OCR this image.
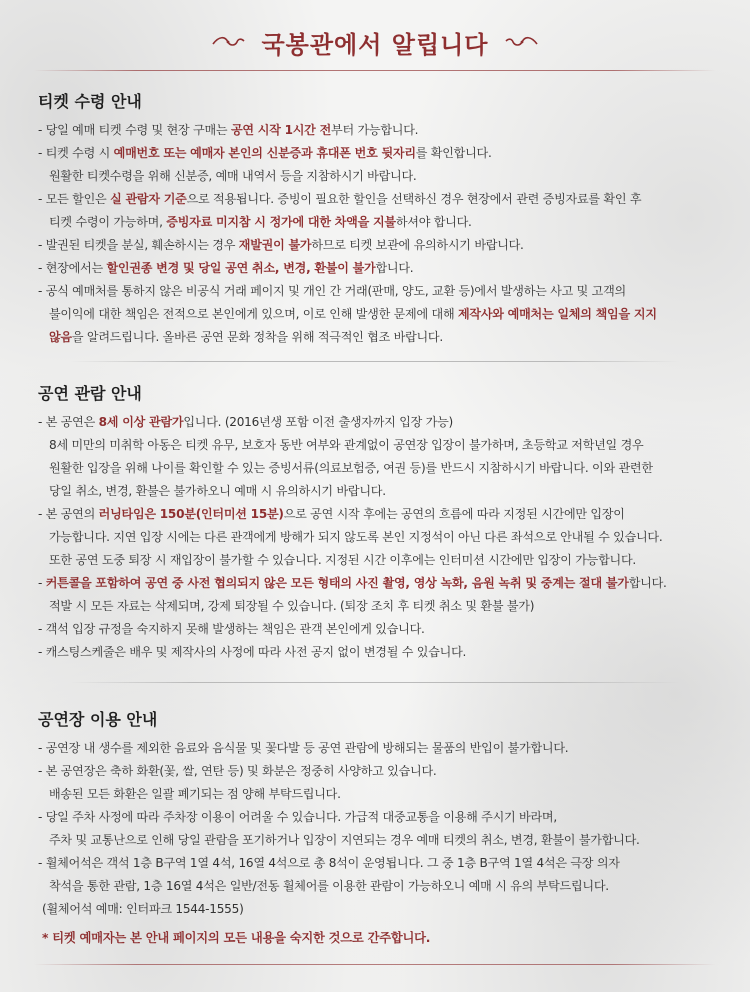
국봉관에서 알립니다
티켓 수령 안내
- 당일 예매 티켓 수령 및 현장 구매는 공연 시작 1시간 전부터 가능합니다.
- 티켓 수령 시 예매번호 또는 예매자 본인의 신분증과 휴대폰 번호 뒷자리를 확인합니다.
원활한 티켓수령을 위해 신분증, 예매 내역서 등을 지참하시기 바랍니다.
- 모든 할인은 실 관람자 기준으로 적용됩니다. 증빙이 필요한 할인을 선택하신 경우 현장에서 관련 증빙자료를 확인 후
티켓 수령이 가능하며, 증빙자료 미지참 시 정가에 대한 차액을 지불하셔야 합니다.
- 발권된 티켓을 분실, 훼손하시는 경우 재발권이 불가하므로 티켓 보관에 유의하시기 바랍니다.
- 현장에서는 할인권종 변경 및 당일 공연 취소, 변경, 환불이 불가합니다.
- 공식 예매처를 통하지 않은 비공식 거래 페이지 및 개인 간 거래(판매, 양도, 교환 등)에서 발생하는 사고 및 고객의
불이익에 대한 책임은 전적으로 본인에게 있으며, 이로 인해 발생한 문제에 대해 제작사와 예매처는 일체의 책임을 지지
않음을 알려드립니다. 올바른 공연 문화 정착을 위해 적극적인 협조 바랍니다.
공연 관람 안내
- 본 공연은 8세 이상 관람가입니다. (2016년생 포함 이전 출생자까지 입장 가능)
8세 미만의 미취학 아동은 티켓 유무, 보호자 동반 여부와 관계없이 공연장 입장이 불가하며, 초등학교 저학년일 경우
원활한 입장을 위해 나이를 확인할 수 있는 증빙서류(의료보험증, 여권 등)를 반드시 지참하시기 바랍니다. 이와 관련한
당일 취소, 변경, 환불은 불가하오니 예매 시 유의하시기 바랍니다.
- 본 공연의 러닝타임은 150분(인터미션 15분)으로 공연 시작 후에는 공연의 흐름에 따라 지정된 시간에만 입장이
가능합니다. 지연 입장 시에는 다른 관객에게 방해가 되지 않도록 본인 지정석이 아닌 다른 좌석으로 안내될 수 있습니다.
또한 공연 도중 퇴장 시 재입장이 불가할 수 있습니다. 지정된 시간 이후에는 인터미션 시간에만 입장이 가능합니다.
- 커튼콜을 포함하여 공연 중 사전 협의되지 않은 모든 형태의 사진 촬영, 영상 녹화, 음원 녹취 및 중계는 절대 불가합니다.
적발 시 모든 자료는 삭제되며, 강제 퇴장될 수 있습니다. (퇴장 조치 후 티켓 취소 및 환불 불가)
- 객석 입장 규정을 숙지하지 못해 발생하는 책임은 관객 본인에게 있습니다.
- 캐스팅스케줄은 배우 및 제작사의 사정에 따라 사전 공지 없이 변경될 수 있습니다.
공연장 이용 안내
- 공연장 내 생수를 제외한 음료와 음식물 및 꽃다발 등 공연 관람에 방해되는 물품의 반입이 불가합니다.
- 본 공연장은 축하 화환(꽃, 쌀, 연탄 등) 및 화분은 정중히 사양하고 있습니다.
배송된 모든 화환은 일괄 폐기되는 점 양해 부탁드립니다.
- 당일 주차 사정에 따라 주차장 이용이 어려울 수 있습니다. 가급적 대중교통을 이용해 주시기 바라며,
주차 및 교통난으로 인해 당일 관람을 포기하거나 입장이 지연되는 경우 예매 티켓의 취소, 변경, 환불이 불가합니다.
- 휠체어석은 객석 1층 B구역 1열 4석, 16열 4석으로 총 8석이 운영됩니다. 그 중 1층 B구역 1열 4석은 극장 의자
착석을 통한 관람, 1층 16열 4석은 일반/전동 휠체어를 이용한 관람이 가능하오니 예매 시 유의 부탁드립니다.
(휠체어석 예매: 인터파크 1544-1555)
* 티켓 예매자는 본 안내 페이지의 모든 내용을 숙지한 것으로 간주합니다.
